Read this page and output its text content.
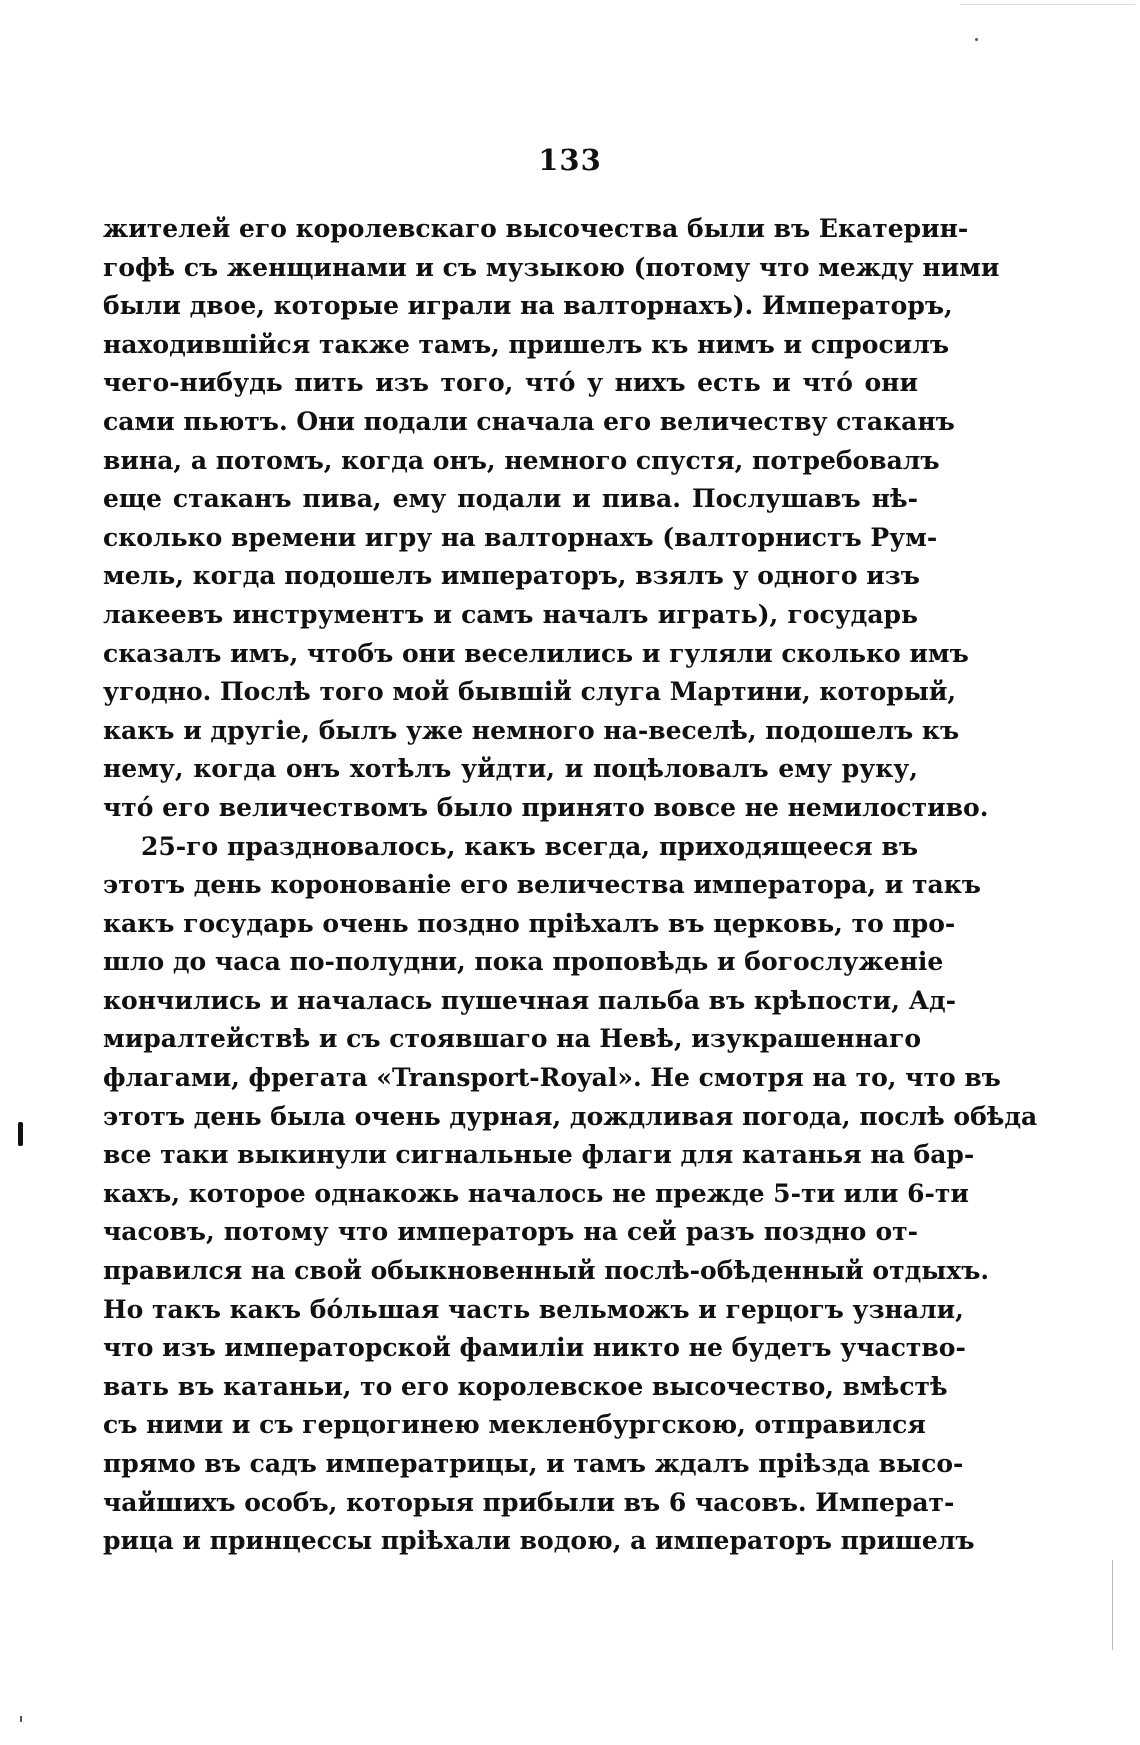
133
жителей его королевскаго высочества были въ Екатерин-
гофѣ съ женщинами и съ музыкою (потому что между ними
были двое, которые играли на валторнахъ). Императоръ,
находившійся также тамъ, пришелъ къ нимъ и спросилъ
чего-нибудь пить изъ того, что́ у нихъ есть и что́ они
сами пьютъ. Они подали сначала его величеству стаканъ
вина, а потомъ, когда онъ, немного спустя, потребовалъ
еще стаканъ пива, ему подали и пива. Послушавъ нѣ-
сколько времени игру на валторнахъ (валторнистъ Рум-
мель, когда подошелъ императоръ, взялъ у одного изъ
лакеевъ инструментъ и самъ началъ играть), государь
сказалъ имъ, чтобъ они веселились и гуляли сколько имъ
угодно. Послѣ того мой бывшій слуга Мартини, который,
какъ и другіе, былъ уже немного на-веселѣ, подошелъ къ
нему, когда онъ хотѣлъ уйдти, и поцѣловалъ ему руку,
что́ его величествомъ было принято вовсе не немилостиво.
25-го праздновалось, какъ всегда, приходящееся въ
этотъ день коронованіе его величества императора, и такъ
какъ государь очень поздно пріѣхалъ въ церковь, то про-
шло до часа по-полудни, пока проповѣдь и богослуженіе
кончились и началась пушечная пальба въ крѣпости, Ад-
миралтействѣ и съ стоявшаго на Невѣ, изукрашеннаго
флагами, фрегата «Transport-Royal». Не смотря на то, что въ
этотъ день была очень дурная, дождливая погода, послѣ обѣда
все таки выкинули сигнальные флаги для катанья на бар-
кахъ, которое однакожь началось не прежде 5-ти или 6-ти
часовъ, потому что императоръ на сей разъ поздно от-
правился на свой обыкновенный послѣ-обѣденный отдыхъ.
Но такъ какъ бо́льшая часть вельможъ и герцогъ узнали,
что изъ императорской фамиліи никто не будетъ участво-
вать въ катаньи, то его королевское высочество, вмѣстѣ
съ ними и съ герцогинею мекленбургскою, отправился
прямо въ садъ императрицы, и тамъ ждалъ пріѣзда высо-
чайшихъ особъ, которыя прибыли въ 6 часовъ. Императ-
рица и принцессы пріѣхали водою, а императоръ пришелъ
